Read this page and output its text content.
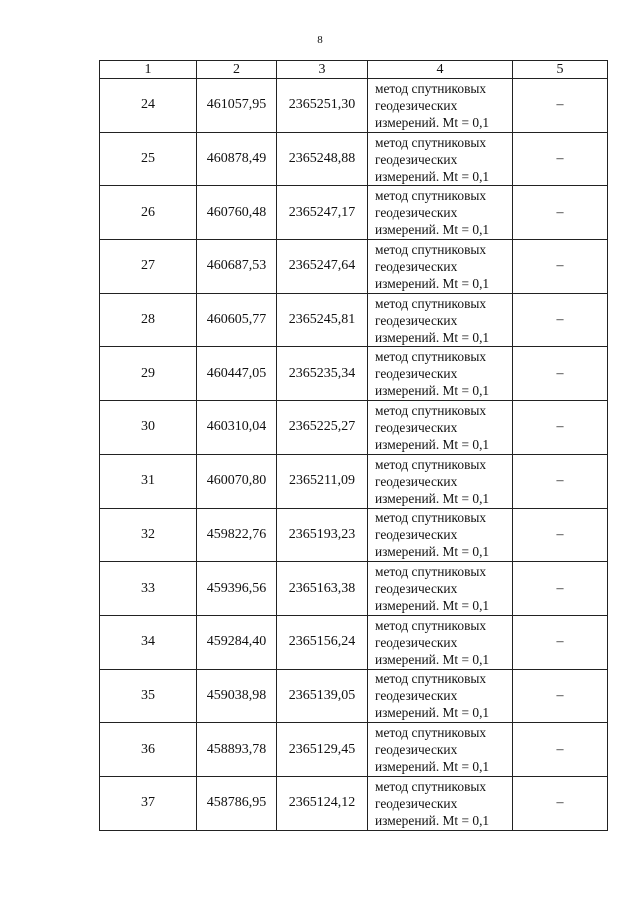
8
1	2	3	4	5
24	461057,95	2365251,30	метод спутниковых
геодезических
измерений. Mt = 0,1	–
25	460878,49	2365248,88	метод спутниковых
геодезических
измерений. Mt = 0,1	–
26	460760,48	2365247,17	метод спутниковых
геодезических
измерений. Mt = 0,1	–
27	460687,53	2365247,64	метод спутниковых
геодезических
измерений. Mt = 0,1	–
28	460605,77	2365245,81	метод спутниковых
геодезических
измерений. Mt = 0,1	–
29	460447,05	2365235,34	метод спутниковых
геодезических
измерений. Mt = 0,1	–
30	460310,04	2365225,27	метод спутниковых
геодезических
измерений. Mt = 0,1	–
31	460070,80	2365211,09	метод спутниковых
геодезических
измерений. Mt = 0,1	–
32	459822,76	2365193,23	метод спутниковых
геодезических
измерений. Mt = 0,1	–
33	459396,56	2365163,38	метод спутниковых
геодезических
измерений. Mt = 0,1	–
34	459284,40	2365156,24	метод спутниковых
геодезических
измерений. Mt = 0,1	–
35	459038,98	2365139,05	метод спутниковых
геодезических
измерений. Mt = 0,1	–
36	458893,78	2365129,45	метод спутниковых
геодезических
измерений. Mt = 0,1	–
37	458786,95	2365124,12	метод спутниковых
геодезических
измерений. Mt = 0,1	–
